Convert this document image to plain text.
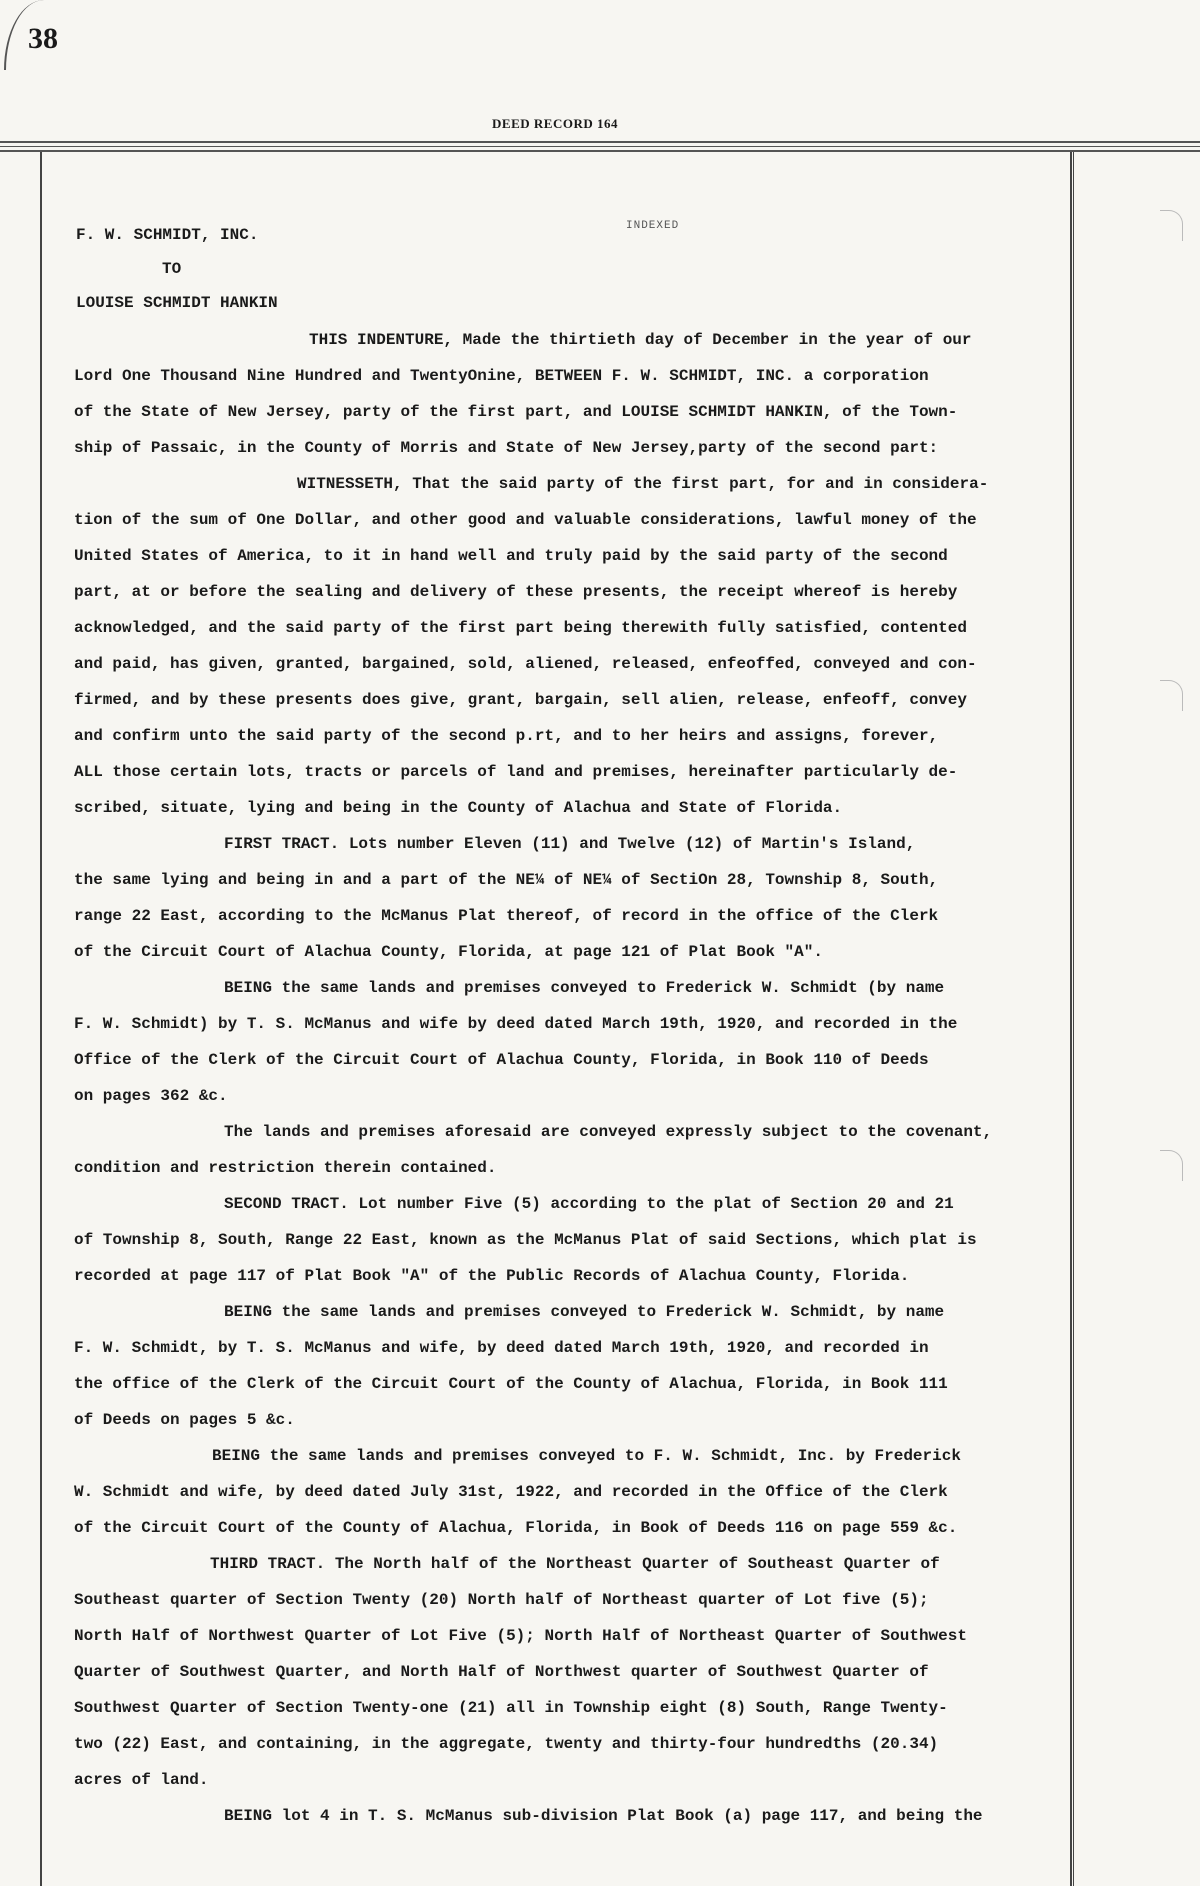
38
DEED RECORD 164
INDEXED
F. W. SCHMIDT, INC.
TO
LOUISE SCHMIDT HANKIN
THIS INDENTURE, Made the thirtieth day of December in the year of our
Lord One Thousand Nine Hundred and TwentyOnine, BETWEEN F. W. SCHMIDT, INC. a corporation
of the State of New Jersey, party of the first part, and LOUISE SCHMIDT HANKIN, of the Town-
ship of Passaic, in the County of Morris and State of New Jersey,party of the second part:
WITNESSETH, That the said party of the first part, for and in considera-
tion of the sum of One Dollar, and other good and valuable considerations, lawful money of the
United States of America, to it in hand well and truly paid by the said party of the second
part, at or before the sealing and delivery of these presents, the receipt whereof is hereby
acknowledged, and the said party of the first part being therewith fully satisfied, contented
and paid, has given, granted, bargained, sold, aliened, released, enfeoffed, conveyed and con-
firmed, and by these presents does give, grant, bargain, sell alien, release, enfeoff, convey
and confirm unto the said party of the second p.rt, and to her heirs and assigns, forever,
ALL those certain lots, tracts or parcels of land and premises, hereinafter particularly de-
scribed, situate, lying and being in the County of Alachua and State of Florida.
FIRST TRACT. Lots number Eleven (11) and Twelve (12) of Martin's Island,
the same lying and being in and a part of the NE¼ of NE¼ of SectiOn 28, Township 8, South,
range 22 East, according to the McManus Plat thereof, of record in the office of the Clerk
of the Circuit Court of Alachua County, Florida, at page 121 of Plat Book "A".
BEING the same lands and premises conveyed to Frederick W. Schmidt (by name
F. W. Schmidt) by T. S. McManus and wife by deed dated March 19th, 1920, and recorded in the
Office of the Clerk of the Circuit Court of Alachua County, Florida, in Book 110 of Deeds
on pages 362 &c.
The lands and premises aforesaid are conveyed expressly subject to the covenant,
condition and restriction therein contained.
SECOND TRACT. Lot number Five (5) according to the plat of Section 20 and 21
of Township 8, South, Range 22 East, known as the McManus Plat of said Sections, which plat is
recorded at page 117 of Plat Book "A" of the Public Records of Alachua County, Florida.
BEING the same lands and premises conveyed to Frederick W. Schmidt, by name
F. W. Schmidt, by T. S. McManus and wife, by deed dated March 19th, 1920, and recorded in
the office of the Clerk of the Circuit Court of the County of Alachua, Florida, in Book 111
of Deeds on pages 5 &c.
BEING the same lands and premises conveyed to F. W. Schmidt, Inc. by Frederick
W. Schmidt and wife, by deed dated July 31st, 1922, and recorded in the Office of the Clerk
of the Circuit Court of the County of Alachua, Florida, in Book of Deeds 116 on page 559 &c.
THIRD TRACT. The North half of the Northeast Quarter of Southeast Quarter of
Southeast quarter of Section Twenty (20) North half of Northeast quarter of Lot five (5);
North Half of Northwest Quarter of Lot Five (5); North Half of Northeast Quarter of Southwest
Quarter of Southwest Quarter, and North Half of Northwest quarter of Southwest Quarter of
Southwest Quarter of Section Twenty-one (21) all in Township eight (8) South, Range Twenty-
two (22) East, and containing, in the aggregate, twenty and thirty-four hundredths (20.34)
acres of land.
BEING lot 4 in T. S. McManus sub-division Plat Book (a) page 117, and being the
